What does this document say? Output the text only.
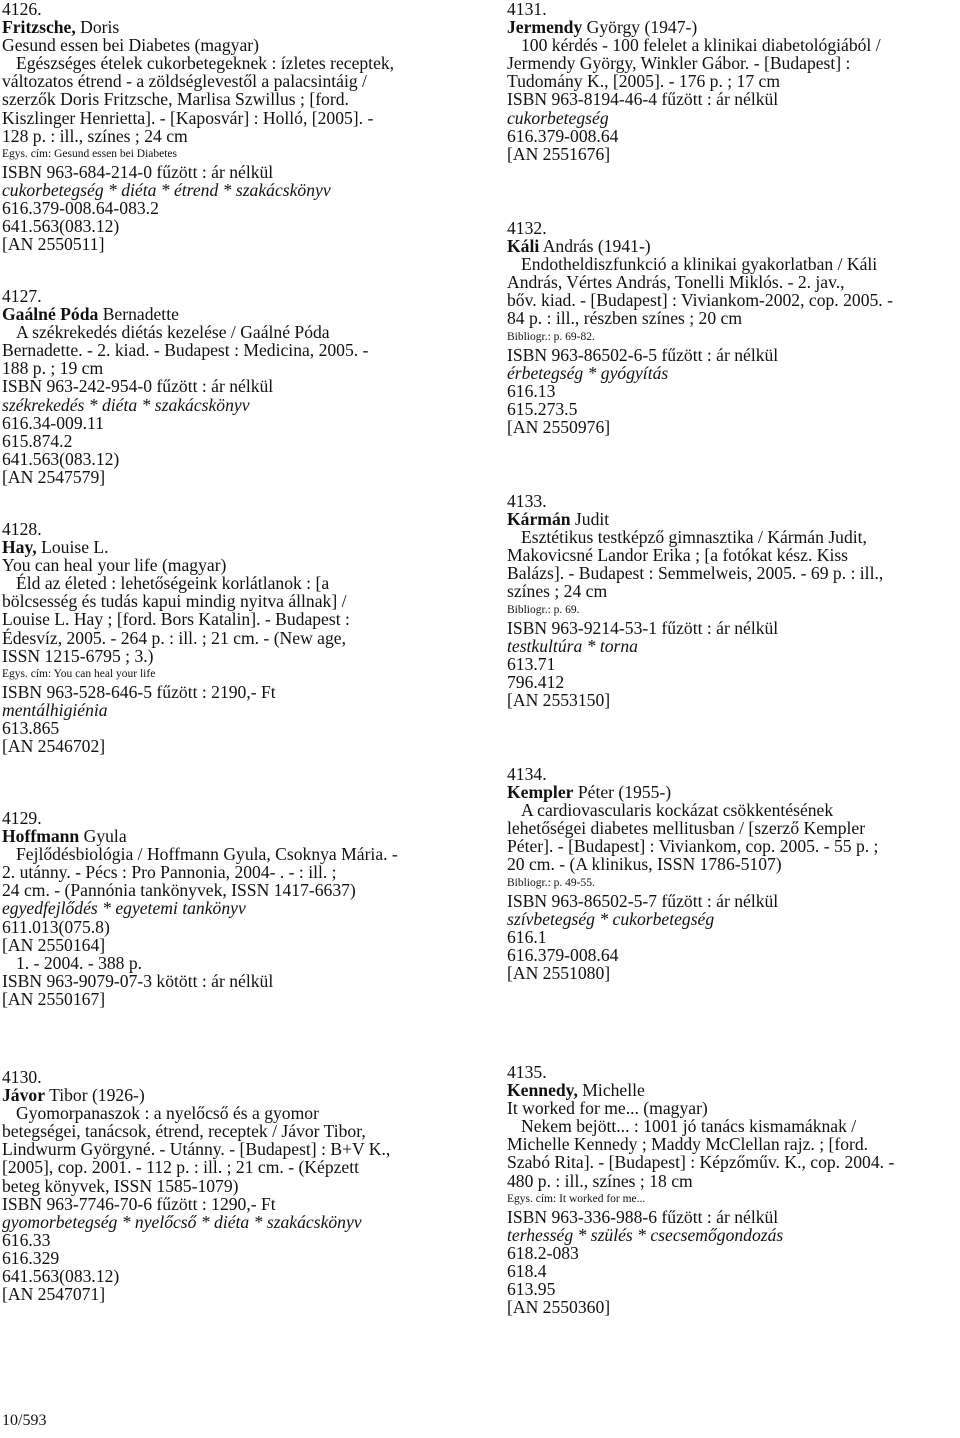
4126.
Fritzsche, Doris
Gesund essen bei Diabetes (magyar)
Egészséges ételek cukorbetegeknek : ízletes receptek,
változatos étrend - a zöldséglevestől a palacsintáig /
szerzők Doris Fritzsche, Marlisa Szwillus ; [ford.
Kiszlinger Henrietta]. - [Kaposvár] : Holló, [2005]. -
128 p. : ill., színes ; 24 cm
Egys. cím: Gesund essen bei Diabetes
ISBN 963-684-214-0 fűzött : ár nélkül
cukorbetegség * diéta * étrend * szakácskönyv
616.379-008.64-083.2
641.563(083.12)
[AN 2550511]
4127.
Gaálné Póda Bernadette
A székrekedés diétás kezelése / Gaálné Póda
Bernadette. - 2. kiad. - Budapest : Medicina, 2005. -
188 p. ; 19 cm
ISBN 963-242-954-0 fűzött : ár nélkül
székrekedés * diéta * szakácskönyv
616.34-009.11
615.874.2
641.563(083.12)
[AN 2547579]
4128.
Hay, Louise L.
You can heal your life (magyar)
Éld az életed : lehetőségeink korlátlanok : [a
bölcsesség és tudás kapui mindig nyitva állnak] /
Louise L. Hay ; [ford. Bors Katalin]. - Budapest :
Édesvíz, 2005. - 264 p. : ill. ; 21 cm. - (New age,
ISSN 1215-6795 ; 3.)
Egys. cím: You can heal your life
ISBN 963-528-646-5 fűzött : 2190,- Ft
mentálhigiénia
613.865
[AN 2546702]
4129.
Hoffmann Gyula
Fejlődésbiológia / Hoffmann Gyula, Csoknya Mária. -
2. utánny. - Pécs : Pro Pannonia, 2004- . - : ill. ;
24 cm. - (Pannónia tankönyvek, ISSN 1417-6637)
egyedfejlődés * egyetemi tankönyv
611.013(075.8)
[AN 2550164]
1. - 2004. - 388 p.
ISBN 963-9079-07-3 kötött : ár nélkül
[AN 2550167]
4130.
Jávor Tibor (1926-)
Gyomorpanaszok : a nyelőcső és a gyomor
betegségei, tanácsok, étrend, receptek / Jávor Tibor,
Lindwurm Györgyné. - Utánny. - [Budapest] : B+V K.,
[2005], cop. 2001. - 112 p. : ill. ; 21 cm. - (Képzett
beteg könyvek, ISSN 1585-1079)
ISBN 963-7746-70-6 fűzött : 1290,- Ft
gyomorbetegség * nyelőcső * diéta * szakácskönyv
616.33
616.329
641.563(083.12)
[AN 2547071]
4131.
Jermendy György (1947-)
100 kérdés - 100 felelet a klinikai diabetológiából /
Jermendy György, Winkler Gábor. - [Budapest] :
Tudomány K., [2005]. - 176 p. ; 17 cm
ISBN 963-8194-46-4 fűzött : ár nélkül
cukorbetegség
616.379-008.64
[AN 2551676]
4132.
Káli András (1941-)
Endotheldiszfunkció a klinikai gyakorlatban / Káli
András, Vértes András, Tonelli Miklós. - 2. jav.,
bőv. kiad. - [Budapest] : Viviankom-2002, cop. 2005. -
84 p. : ill., részben színes ; 20 cm
Bibliogr.: p. 69-82.
ISBN 963-86502-6-5 fűzött : ár nélkül
érbetegség * gyógyítás
616.13
615.273.5
[AN 2550976]
4133.
Kármán Judit
Esztétikus testképző gimnasztika / Kármán Judit,
Makovicsné Landor Erika ; [a fotókat kész. Kiss
Balázs]. - Budapest : Semmelweis, 2005. - 69 p. : ill.,
színes ; 24 cm
Bibliogr.: p. 69.
ISBN 963-9214-53-1 fűzött : ár nélkül
testkultúra * torna
613.71
796.412
[AN 2553150]
4134.
Kempler Péter (1955-)
A cardiovascularis kockázat csökkentésének
lehetőségei diabetes mellitusban / [szerző Kempler
Péter]. - [Budapest] : Viviankom, cop. 2005. - 55 p. ;
20 cm. - (A klinikus, ISSN 1786-5107)
Bibliogr.: p. 49-55.
ISBN 963-86502-5-7 fűzött : ár nélkül
szívbetegség * cukorbetegség
616.1
616.379-008.64
[AN 2551080]
4135.
Kennedy, Michelle
It worked for me... (magyar)
Nekem bejött... : 1001 jó tanács kismamáknak /
Michelle Kennedy ; Maddy McClellan rajz. ; [ford.
Szabó Rita]. - [Budapest] : Képzőműv. K., cop. 2004. -
480 p. : ill., színes ; 18 cm
Egys. cím: It worked for me...
ISBN 963-336-988-6 fűzött : ár nélkül
terhesség * szülés * csecsemőgondozás
618.2-083
618.4
613.95
[AN 2550360]
10/593
